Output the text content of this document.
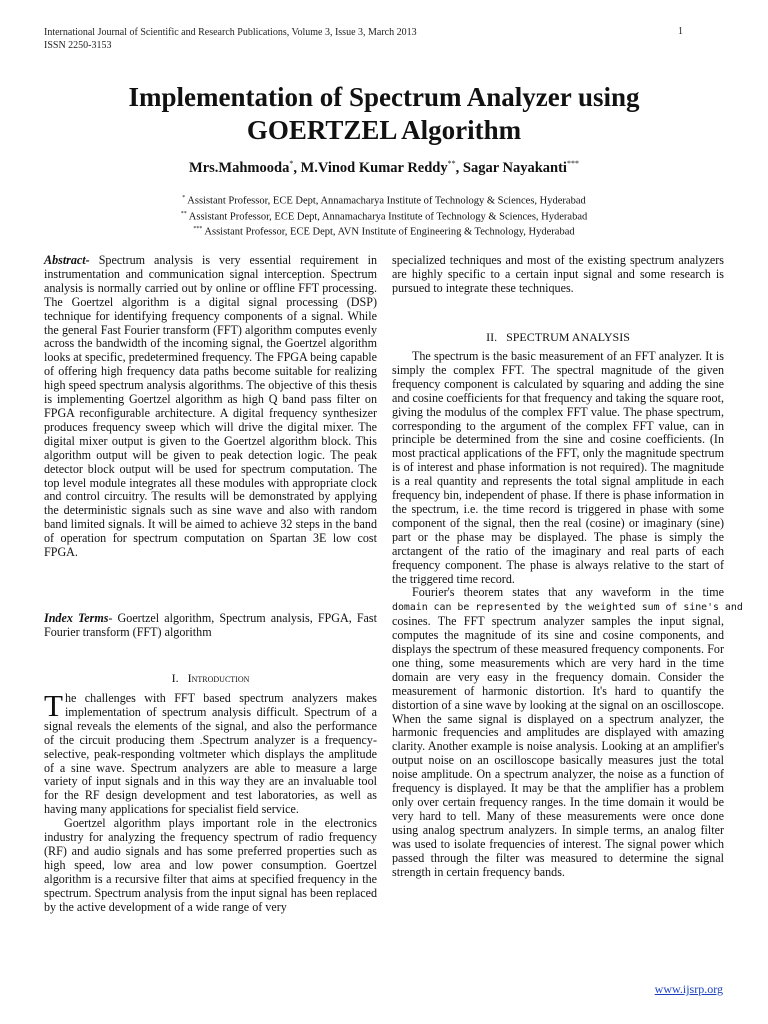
International Journal of Scientific and Research Publications, Volume 3, Issue 3, March 2013
ISSN 2250-3153
1
Implementation of Spectrum Analyzer using
GOERTZEL Algorithm
Mrs.Mahmooda*, M.Vinod Kumar Reddy**, Sagar Nayakanti***
* Assistant Professor, ECE Dept, Annamacharya Institute of Technology & Sciences, Hyderabad
** Assistant Professor, ECE Dept, Annamacharya Institute of Technology & Sciences, Hyderabad
*** Assistant Professor, ECE Dept, AVN Institute of Engineering & Technology, Hyderabad

Abstract- Spectrum analysis is very essential requirement in instrumentation and communication signal interception. Spectrum analysis is normally carried out by online or offline FFT processing. The Goertzel algorithm is a digital signal processing (DSP) technique for identifying frequency components of a signal. While the general Fast Fourier transform (FFT) algorithm computes evenly across the bandwidth of the incoming signal, the Goertzel algorithm looks at specific, predetermined frequency. The FPGA being capable of offering high frequency data paths become suitable for realizing high speed spectrum analysis algorithms. The objective of this thesis is implementing Goertzel algorithm as high Q band pass filter on FPGA reconfigurable architecture. A digital frequency synthesizer produces frequency sweep which will drive the digital mixer. The digital mixer output is given to the Goertzel algorithm block. This algorithm output will be given to peak detection logic. The peak detector block output will be used for spectrum computation. The top level module integrates all these modules with appropriate clock and control circuitry. The results will be demonstrated by applying the deterministic signals such as sine wave and also with random band limited signals. It will be aimed to achieve 32 steps in the band of operation for spectrum computation on Spartan 3E low cost FPGA.

Index Terms- Goertzel algorithm, Spectrum analysis, FPGA, Fast Fourier transform (FFT) algorithm

I. Introduction

The challenges with FFT based spectrum analyzers makes implementation of spectrum analysis difficult. Spectrum of a signal reveals the elements of the signal, and also the performance of the circuit producing them .Spectrum analyzer is a frequency-selective, peak-responding voltmeter which displays the amplitude of a sine wave. Spectrum analyzers are able to measure a large variety of input signals and in this way they are an invaluable tool for the RF design development and test laboratories, as well as having many applications for specialist field service.

Goertzel algorithm plays important role in the electronics industry for analyzing the frequency spectrum of radio frequency (RF) and audio signals and has some preferred properties such as high speed, low area and low power consumption. Goertzel algorithm is a recursive filter that aims at specified frequency in the spectrum. Spectrum analysis from the input signal has been replaced by the active development of a wide range of very

specialized techniques and most of the existing spectrum analyzers are highly specific to a certain input signal and some research is pursued to integrate these techniques.

II. SPECTRUM ANALYSIS

The spectrum is the basic measurement of an FFT analyzer. It is simply the complex FFT. The spectral magnitude of the given frequency component is calculated by squaring and adding the sine and cosine coefficients for that frequency and taking the square root, giving the modulus of the complex FFT value. The phase spectrum, corresponding to the argument of the complex FFT value, can in principle be determined from the sine and cosine coefficients. (In most practical applications of the FFT, only the magnitude spectrum is of interest and phase information is not required). The magnitude is a real quantity and represents the total signal amplitude in each frequency bin, independent of phase. If there is phase information in the spectrum, i.e. the time record is triggered in phase with some component of the signal, then the real (cosine) or imaginary (sine) part or the phase may be displayed. The phase is simply the arctangent of the ratio of the imaginary and real parts of each frequency component. The phase is always relative to the start of the triggered time record.

Fourier's theorem states that any waveform in the time domain can be represented by the weighted sum of sine's and cosines. The FFT spectrum analyzer samples the input signal, computes the magnitude of its sine and cosine components, and displays the spectrum of these measured frequency components. For one thing, some measurements which are very hard in the time domain are very easy in the frequency domain. Consider the measurement of harmonic distortion. It's hard to quantify the distortion of a sine wave by looking at the signal on an oscilloscope. When the same signal is displayed on a spectrum analyzer, the harmonic frequencies and amplitudes are displayed with amazing clarity. Another example is noise analysis. Looking at an amplifier's output noise on an oscilloscope basically measures just the total noise amplitude. On a spectrum analyzer, the noise as a function of frequency is displayed. It may be that the amplifier has a problem only over certain frequency ranges. In the time domain it would be very hard to tell. Many of these measurements were once done using analog spectrum analyzers. In simple terms, an analog filter was used to isolate frequencies of interest. The signal power which passed through the filter was measured to determine the signal strength in certain frequency bands.

www.ijsrp.org
